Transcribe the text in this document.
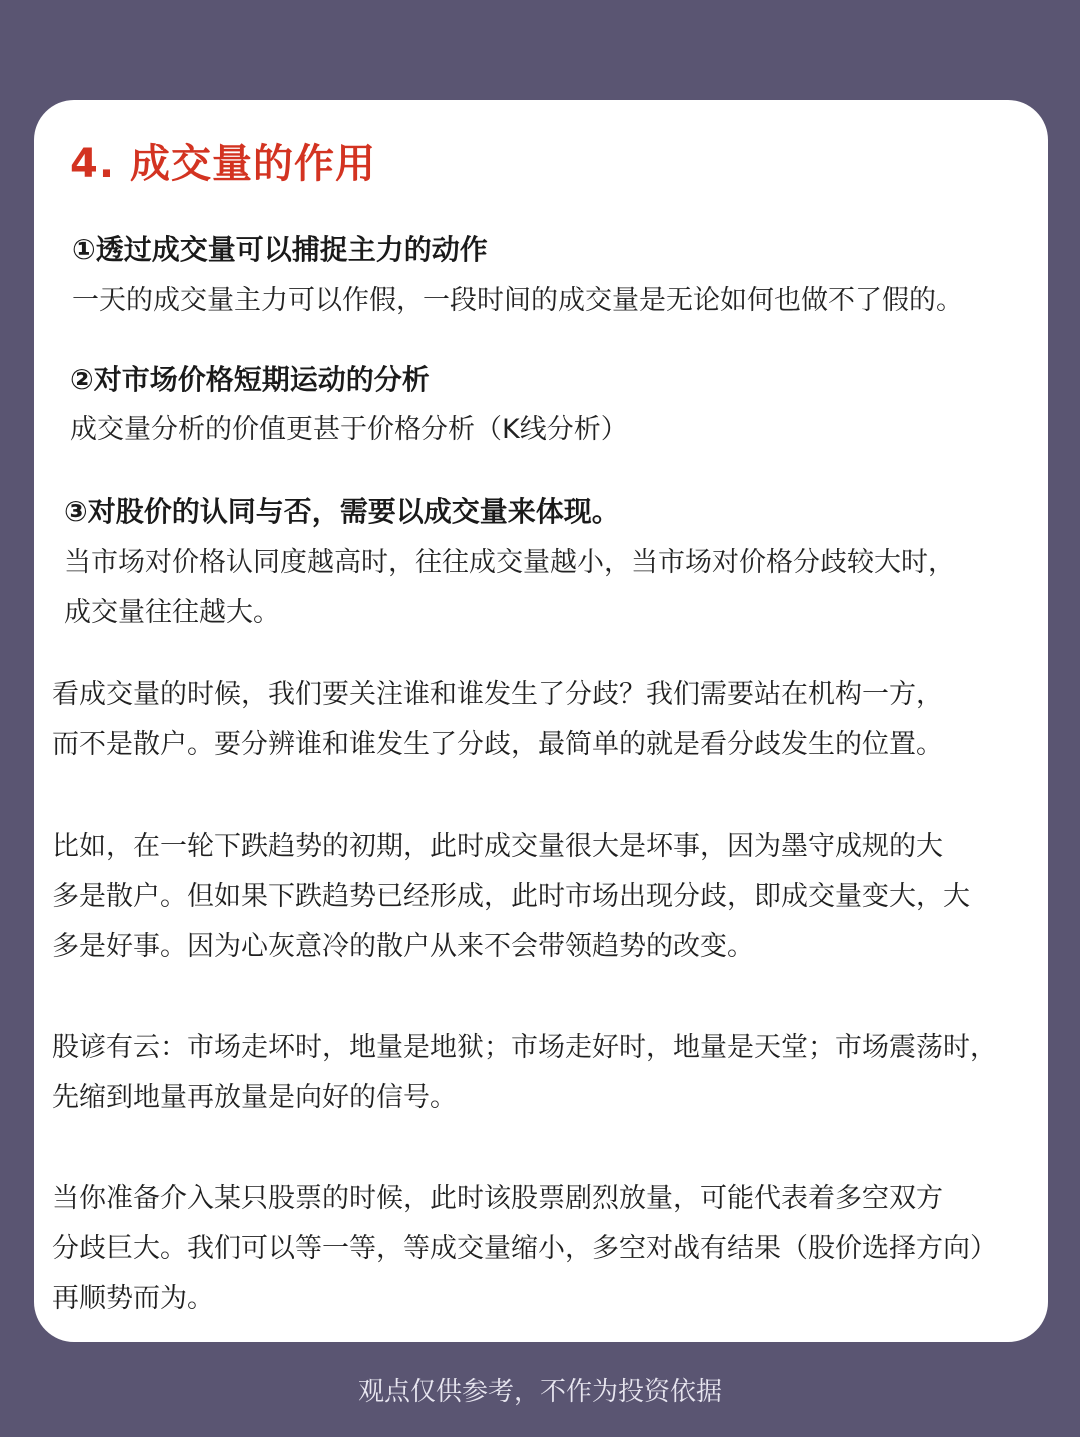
4. 成交量的作用
①透过成交量可以捕捉主力的动作
一天的成交量主力可以作假，一段时间的成交量是无论如何也做不了假的。
②对市场价格短期运动的分析
成交量分析的价值更甚于价格分析（K线分析）
③对股价的认同与否，需要以成交量来体现。
当市场对价格认同度越高时，往往成交量越小，当市场对价格分歧较大时，
成交量往往越大。
看成交量的时候，我们要关注谁和谁发生了分歧？我们需要站在机构一方，
而不是散户。要分辨谁和谁发生了分歧，最简单的就是看分歧发生的位置。
比如，在一轮下跌趋势的初期，此时成交量很大是坏事，因为墨守成规的大
多是散户。但如果下跌趋势已经形成，此时市场出现分歧，即成交量变大，大
多是好事。因为心灰意冷的散户从来不会带领趋势的改变。
股谚有云：市场走坏时，地量是地狱；市场走好时，地量是天堂；市场震荡时，
先缩到地量再放量是向好的信号。
当你准备介入某只股票的时候，此时该股票剧烈放量，可能代表着多空双方
分歧巨大。我们可以等一等，等成交量缩小，多空对战有结果（股价选择方向）
再顺势而为。
观点仅供参考，不作为投资依据
